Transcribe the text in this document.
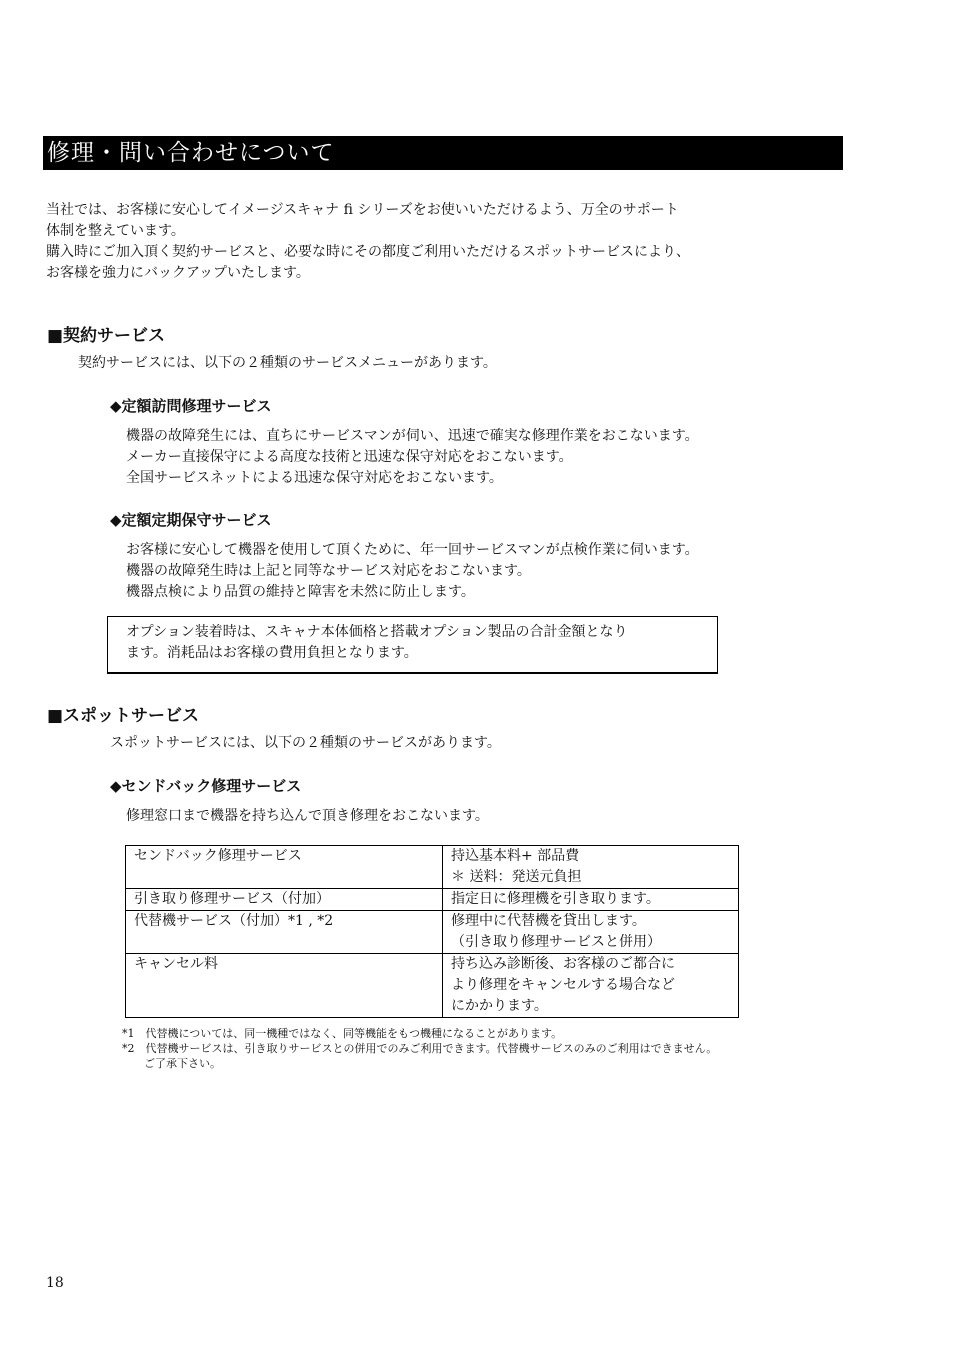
修理・問い合わせについて

当社では、お客様に安心してイメージスキャナ fi シリーズをお使いいただけるよう、万全のサポート

体制を整えています。

購入時にご加入頂く契約サービスと、必要な時にその都度ご利用いただけるスポットサービスにより、

お客様を強力にバックアップいたします。

■契約サービス
契約サービスには、以下の２種類のサービスメニューがあります。
◆定額訪問修理サービス

機器の故障発生には、直ちにサービスマンが伺い、迅速で確実な修理作業をおこないます。

メーカー直接保守による高度な技術と迅速な保守対応をおこないます。

全国サービスネットによる迅速な保守対応をおこないます。

◆定額定期保守サービス

お客様に安心して機器を使用して頂くために、年一回サービスマンが点検作業に伺います。

機器の故障発生時は上記と同等なサービス対応をおこないます。

機器点検により品質の維持と障害を未然に防止します。

オプション装着時は、スキャナ本体価格と搭載オプション製品の合計金額となり

ます。消耗品はお客様の費用負担となります。

■スポットサービス
スポットサービスには、以下の２種類のサービスがあります。
◆センドバック修理サービス
修理窓口まで機器を持ち込んで頂き修理をおこないます。
センドバック修理サービス	持込基本料+ 部品費

＊ 送料：発送元負担

引き取り修理サービス（付加）	指定日に修理機を引き取ります。

代替機サービス（付加）*1 , *2	修理中に代替機を貸出します。

（引き取り修理サービスと併用）

キャンセル料	持ち込み診断後、お客様のご都合に

より修理をキャンセルする場合など

にかかります。

*1　代替機については、同一機種ではなく、同等機能をもつ機種になることがあります。

*2　代替機サービスは、引き取りサービスとの併用でのみご利用できます。代替機サービスのみのご利用はできません。

　　ご了承下さい。

18
